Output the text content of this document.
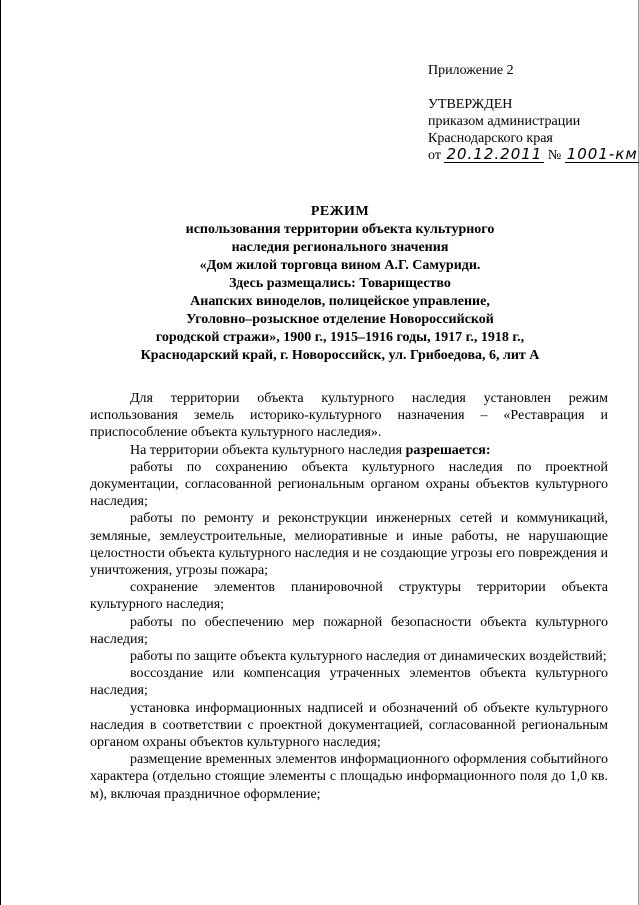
Приложение 2
УТВЕРЖДЕН
приказом администрации
Краснодарского края
от 20.12.2011 № 1001-км
РЕЖИМ
использования территории объекта культурного
наследия регионального значения
«Дом жилой торговца вином А.Г. Самуриди.
Здесь размещались: Товарищество
Анапских виноделов, полицейское управление,
Уголовно–розыскное отделение Новороссийской
городской стражи», 1900 г., 1915–1916 годы, 1917 г., 1918 г.,
Краснодарский край, г. Новороссийск, ул. Грибоедова, 6, лит А

Для территории объекта культурного наследия установлен режим использования земель историко-культурного назначения – «Реставрация и приспособление объекта культурного наследия».

На территории объекта культурного наследия разрешается:

работы по сохранению объекта культурного наследия по проектной документации, согласованной региональным органом охраны объектов культурного наследия;

работы по ремонту и реконструкции инженерных сетей и коммуникаций, земляные, землеустроительные, мелиоративные и иные работы, не нарушающие целостности объекта культурного наследия и не создающие угрозы его повреждения и уничтожения, угрозы пожара;

сохранение элементов планировочной структуры территории объекта культурного наследия;

работы по обеспечению мер пожарной безопасности объекта культурного наследия;

работы по защите объекта культурного наследия от динамических воздействий;

воссоздание или компенсация утраченных элементов объекта культурного наследия;

установка информационных надписей и обозначений об объекте культурного наследия в соответствии с проектной документацией, согласованной региональным органом охраны объектов культурного наследия;

размещение временных элементов информационного оформления событийного характера (отдельно стоящие элементы с площадью информационного поля до 1,0 кв. м), включая праздничное оформление;
